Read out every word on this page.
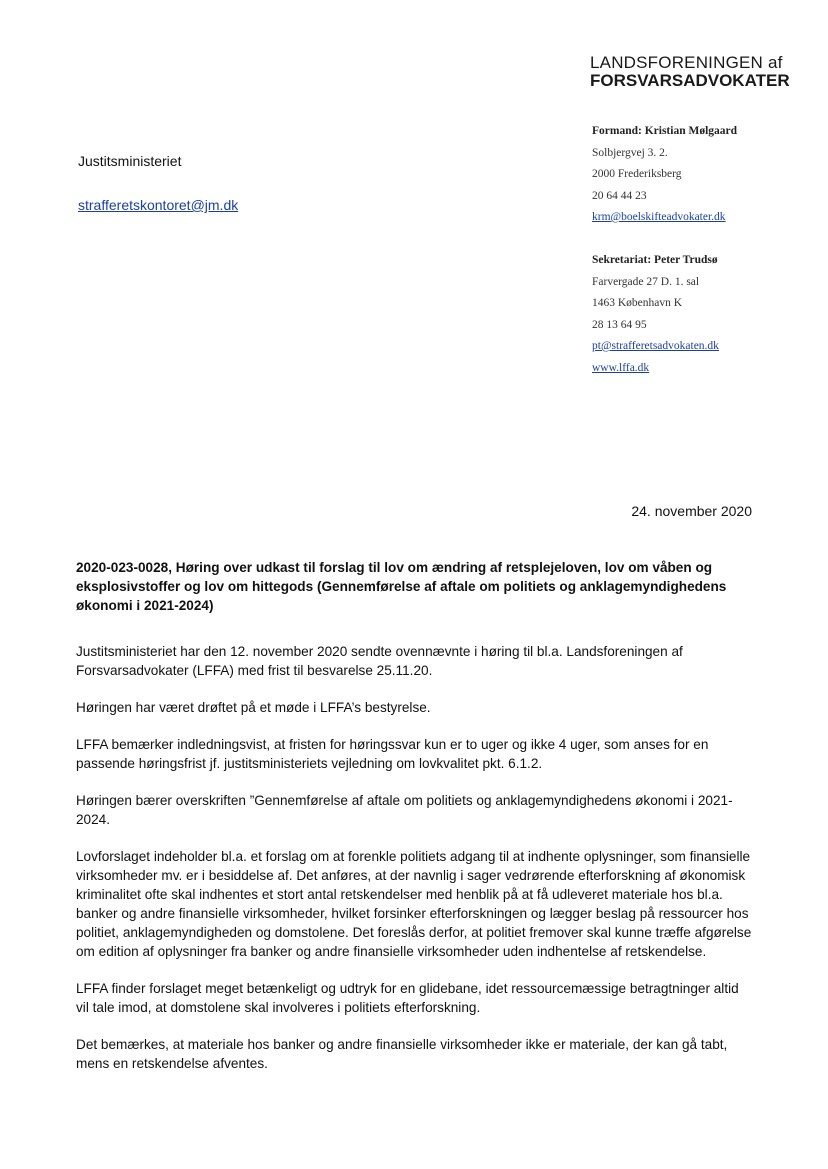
LANDSFORENINGEN af
FORSVARSADVOKATER
Justitsministeriet
strafferetskontoret@jm.dk
Formand: Kristian Mølgaard
Solbjergvej 3. 2.
2000 Frederiksberg
20 64 44 23
krm@boelskifteadvokater.dk
Sekretariat: Peter Trudsø
Farvergade 27 D. 1. sal
1463 København K
28 13 64 95
pt@strafferetsadvokaten.dk
www.lffa.dk
24. november 2020
2020-023-0028, Høring over udkast til forslag til lov om ændring af retsplejeloven, lov om våben og eksplosivstoffer og lov om hittegods (Gennemførelse af aftale om politiets og anklagemyndighedens økonomi i 2021-2024)

Justitsministeriet har den 12. november 2020 sendte ovennævnte i høring til bl.a. Landsforeningen af Forsvarsadvokater (LFFA) med frist til besvarelse 25.11.20.

Høringen har været drøftet på et møde i LFFA’s bestyrelse.

LFFA bemærker indledningsvist, at fristen for høringssvar kun er to uger og ikke 4 uger, som anses for en passende høringsfrist jf. justitsministeriets vejledning om lovkvalitet pkt. 6.1.2.

Høringen bærer overskriften ”Gennemførelse af aftale om politiets og anklagemyndighedens økonomi i 2021-2024.

Lovforslaget indeholder bl.a. et forslag om at forenkle politiets adgang til at indhente oplysninger, som finansielle virksomheder mv. er i besiddelse af. Det anføres, at der navnlig i sager vedrørende efterforskning af økonomisk kriminalitet ofte skal indhentes et stort antal retskendelser med henblik på at få udleveret materiale hos bl.a. banker og andre finansielle virksomheder, hvilket forsinker efterforskningen og lægger beslag på ressourcer hos politiet, anklagemyndigheden og domstolene. Det foreslås derfor, at politiet fremover skal kunne træffe afgørelse om edition af oplysninger fra banker og andre finansielle virksomheder uden indhentelse af retskendelse.

LFFA finder forslaget meget betænkeligt og udtryk for en glidebane, idet ressourcemæssige betragtninger altid vil tale imod, at domstolene skal involveres i politiets efterforskning.

Det bemærkes, at materiale hos banker og andre finansielle virksomheder ikke er materiale, der kan gå tabt, mens en retskendelse afventes.
